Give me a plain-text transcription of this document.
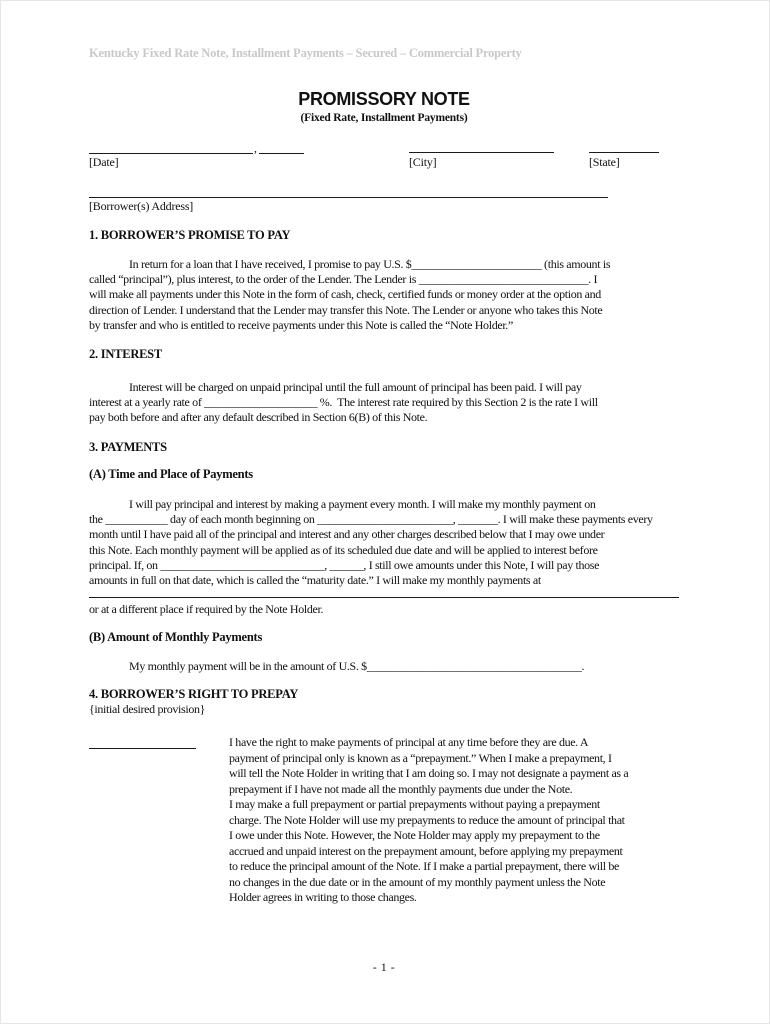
Kentucky Fixed Rate Note, Installment Payments – Secured – Commercial Property
PROMISSORY NOTE
(Fixed Rate, Installment Payments)
,
[Date]	[City]	[State]
[Borrower(s) Address]
1. BORROWER’S PROMISE TO PAY
In return for a loan that I have received, I promise to pay U.S. $_______________________ (this amount is
called “principal”), plus interest, to the order of the Lender. The Lender is ______________________________. I
will make all payments under this Note in the form of cash, check, certified funds or money order at the option and
direction of Lender. I understand that the Lender may transfer this Note. The Lender or anyone who takes this Note
by transfer and who is entitled to receive payments under this Note is called the “Note Holder.”
2. INTEREST
Interest will be charged on unpaid principal until the full amount of principal has been paid. I will pay
interest at a yearly rate of ____________________ %.  The interest rate required by this Section 2 is the rate I will
pay both before and after any default described in Section 6(B) of this Note.
3. PAYMENTS
(A) Time and Place of Payments
I will pay principal and interest by making a payment every month. I will make my monthly payment on
the ___________ day of each month beginning on ________________________, _______. I will make these payments every
month until I have paid all of the principal and interest and any other charges described below that I may owe under
this Note. Each monthly payment will be applied as of its scheduled due date and will be applied to interest before
principal. If, on _____________________________, ______, I still owe amounts under this Note, I will pay those
amounts in full on that date, which is called the “maturity date.” I will make my monthly payments at
or at a different place if required by the Note Holder.
(B) Amount of Monthly Payments
My monthly payment will be in the amount of U.S. $______________________________________.
4. BORROWER’S RIGHT TO PREPAY
{initial desired provision}
I have the right to make payments of principal at any time before they are due. A
payment of principal only is known as a “prepayment.” When I make a prepayment, I
will tell the Note Holder in writing that I am doing so. I may not designate a payment as a
prepayment if I have not made all the monthly payments due under the Note.
I may make a full prepayment or partial prepayments without paying a prepayment
charge. The Note Holder will use my prepayments to reduce the amount of principal that
I owe under this Note. However, the Note Holder may apply my prepayment to the
accrued and unpaid interest on the prepayment amount, before applying my prepayment
to reduce the principal amount of the Note. If I make a partial prepayment, there will be
no changes in the due date or in the amount of my monthly payment unless the Note
Holder agrees in writing to those changes.
- 1 -
